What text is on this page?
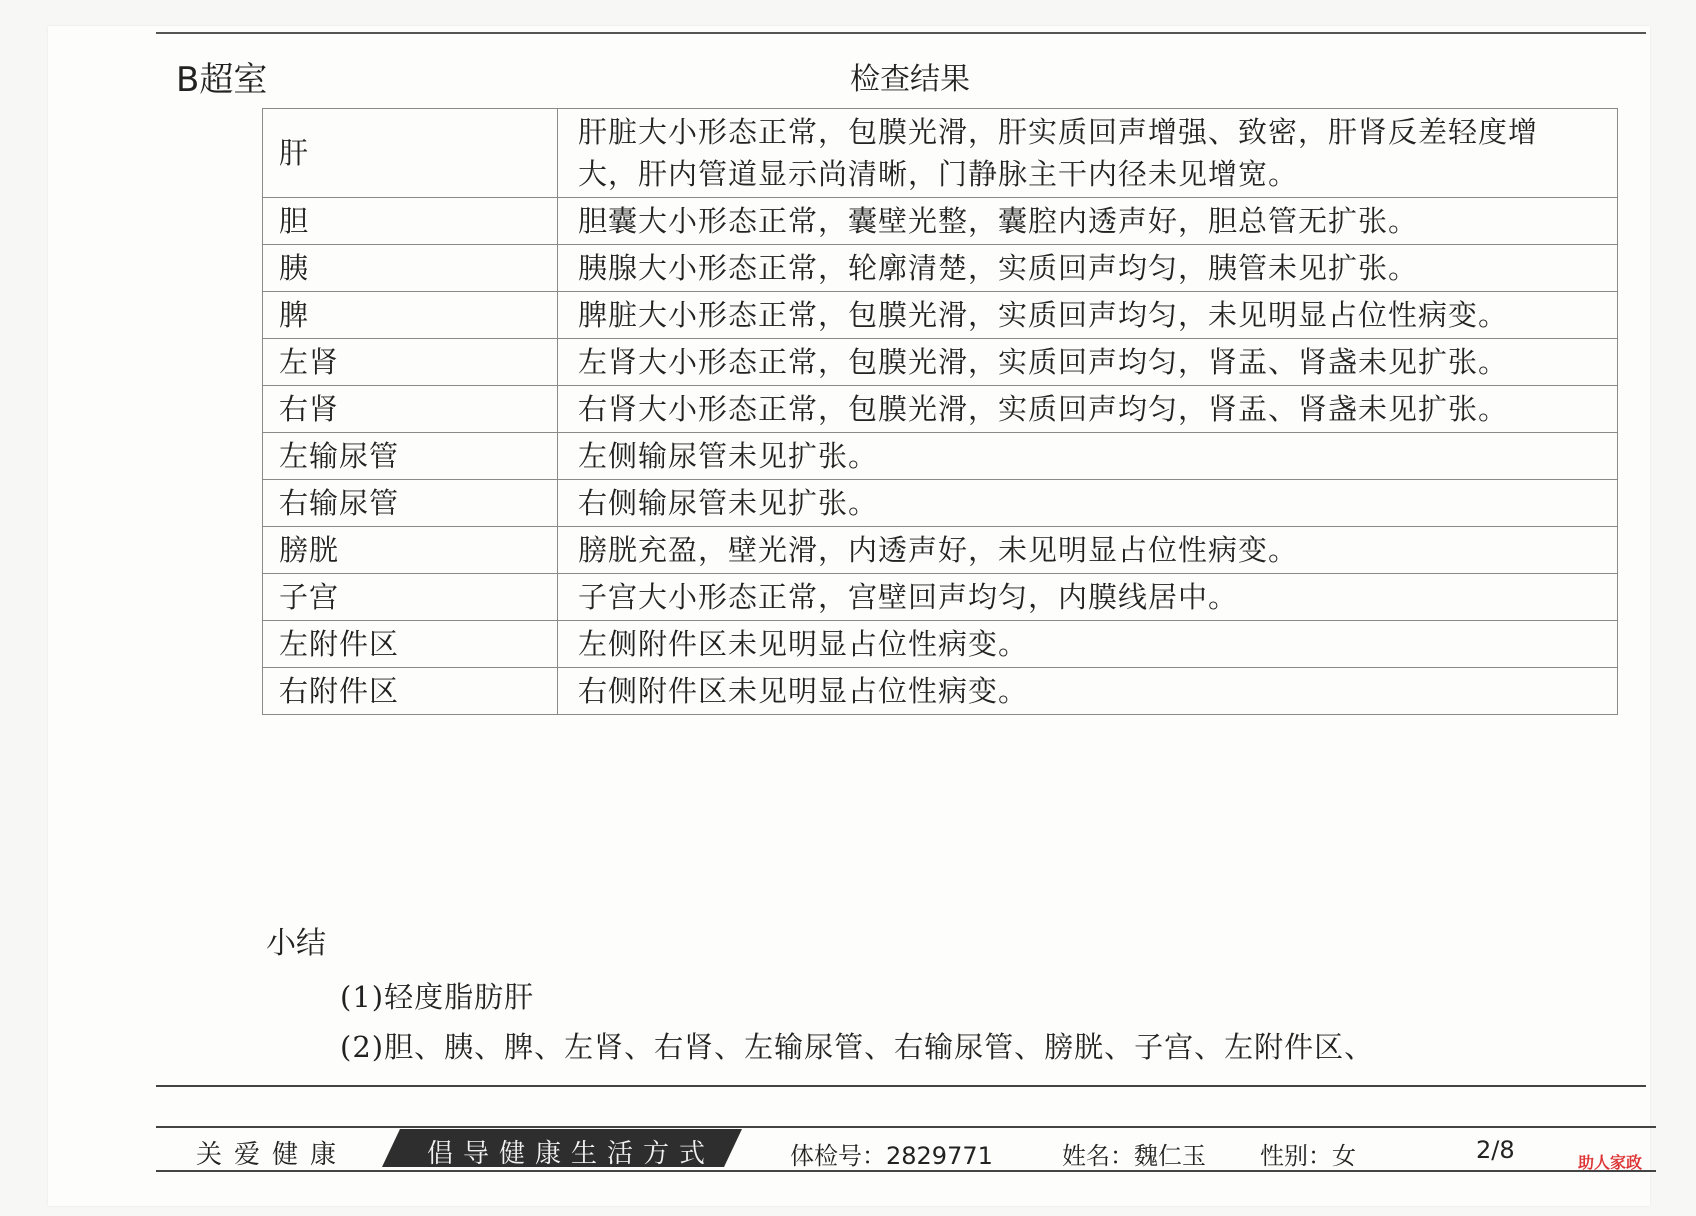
B超室	检查结果
肝	肝脏大小形态正常，包膜光滑，肝实质回声增强、致密，肝肾反差轻度增大，肝内管道显示尚清晰，门静脉主干内径未见增宽。
胆	胆囊大小形态正常，囊壁光整，囊腔内透声好，胆总管无扩张。
胰	胰腺大小形态正常，轮廓清楚，实质回声均匀，胰管未见扩张。
脾	脾脏大小形态正常，包膜光滑，实质回声均匀，未见明显占位性病变。
左肾	左肾大小形态正常，包膜光滑，实质回声均匀，肾盂、肾盏未见扩张。
右肾	右肾大小形态正常，包膜光滑，实质回声均匀，肾盂、肾盏未见扩张。
左输尿管	左侧输尿管未见扩张。
右输尿管	右侧输尿管未见扩张。
膀胱	膀胱充盈，壁光滑，内透声好，未见明显占位性病变。
子宫	子宫大小形态正常，宫壁回声均匀，内膜线居中。
左附件区	左侧附件区未见明显占位性病变。
右附件区	右侧附件区未见明显占位性病变。
小结
(1)轻度脂肪肝
(2)胆、胰、脾、左肾、右肾、左输尿管、右输尿管、膀胱、子宫、左附件区、
关爱健康	倡导健康生活方式	体检号：2829771	姓名：魏仁玉 性别：女	2/8	助人家政
